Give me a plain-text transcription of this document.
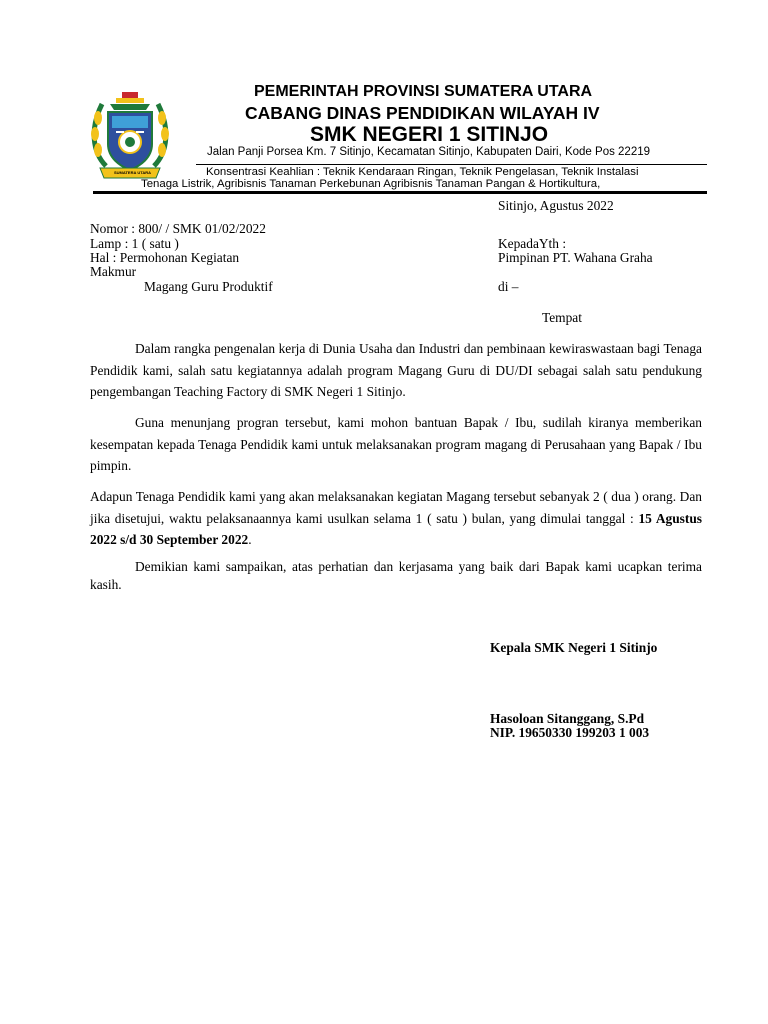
SUMATERA UTARA
PEMERINTAH PROVINSI SUMATERA UTARA
CABANG DINAS PENDIDIKAN WILAYAH IV
SMK NEGERI 1 SITINJO
Jalan Panji Porsea Km. 7 Sitinjo, Kecamatan Sitinjo, Kabupaten Dairi, Kode Pos 22219
Konsentrasi Keahlian : Teknik Kendaraan Ringan, Teknik Pengelasan, Teknik Instalasi
Tenaga Listrik, Agribisnis Tanaman Perkebunan Agribisnis Tanaman Pangan & Hortikultura,
Sitinjo, Agustus 2022
Nomor : 800/ / SMK 01/02/2022
Lamp : 1 ( satu )
Hal : Permohonan Kegiatan
Makmur
Magang Guru Produktif
KepadaYth :
Pimpinan PT. Wahana Graha
di –
Tempat
Dalam rangka pengenalan kerja di Dunia Usaha dan Industri dan pembinaan kewiraswastaan bagi Tenaga Pendidik kami, salah satu kegiatannya adalah program Magang Guru di DU/DI sebagai salah satu pendukung pengembangan Teaching Factory di SMK Negeri 1 Sitinjo.
Guna menunjang progran tersebut, kami mohon bantuan Bapak / Ibu, sudilah kiranya memberikan kesempatan kepada Tenaga Pendidik kami untuk melaksanakan program magang di Perusahaan yang Bapak / Ibu pimpin.
Adapun Tenaga Pendidik kami yang akan melaksanakan kegiatan Magang tersebut sebanyak 2 ( dua ) orang. Dan jika disetujui, waktu pelaksanaannya kami usulkan selama 1 ( satu ) bulan, yang dimulai tanggal : 15 Agustus 2022 s/d 30 September 2022.
Demikian kami sampaikan, atas perhatian dan kerjasama yang baik dari Bapak kami ucapkan terima kasih.
Kepala SMK Negeri 1 Sitinjo
Hasoloan Sitanggang, S.Pd
NIP. 19650330 199203 1 003
